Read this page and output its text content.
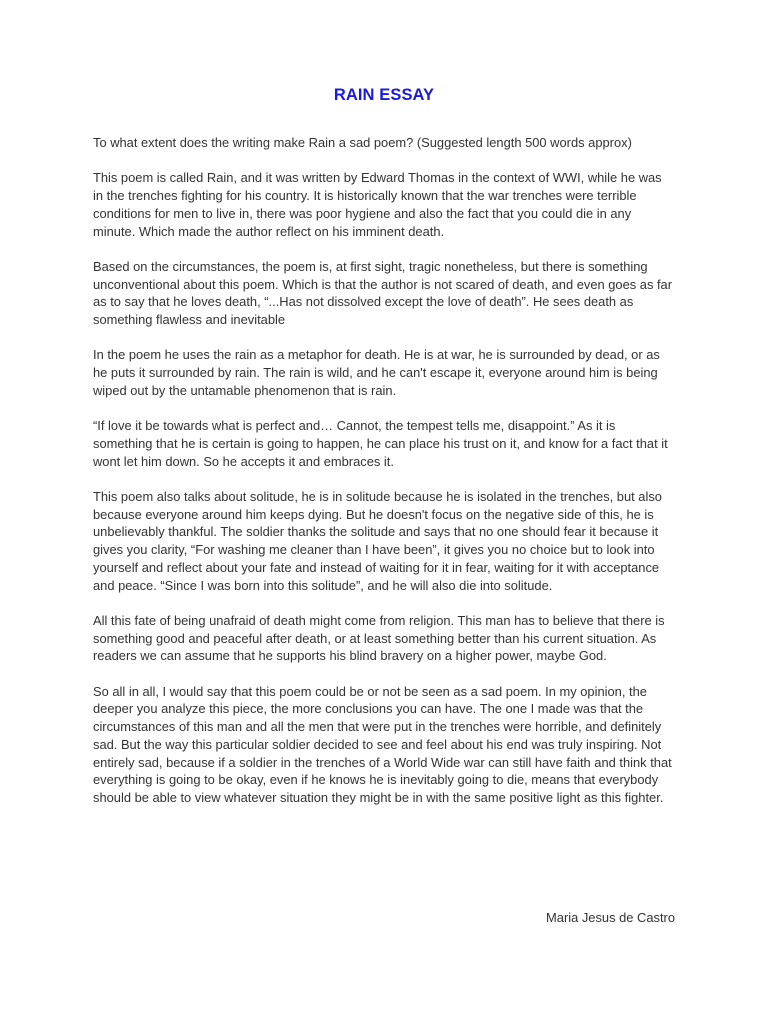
RAIN ESSAY

To what extent does the writing make Rain a sad poem? (Suggested length 500 words approx)

This poem is called Rain, and it was written by Edward Thomas in the context of WWI, while he was in the trenches fighting for his country. It is historically known that the war trenches were terrible conditions for men to live in, there was poor hygiene and also the fact that you could die in any minute. Which made the author reflect on his imminent death.

Based on the circumstances, the poem is, at first sight, tragic nonetheless, but there is something unconventional about this poem. Which is that the author is not scared of death, and even goes as far as to say that he loves death, “...Has not dissolved except the love of death”. He sees death as something flawless and inevitable

In the poem he uses the rain as a metaphor for death. He is at war, he is surrounded by dead, or as he puts it surrounded by rain. The rain is wild, and he can't escape it, everyone around him is being wiped out by the untamable phenomenon that is rain.

“If love it be towards what is perfect and… Cannot, the tempest tells me, disappoint.” As it is something that he is certain is going to happen, he can place his trust on it, and know for a fact that it wont let him down. So he accepts it and embraces it.

This poem also talks about solitude, he is in solitude because he is isolated in the trenches, but also because everyone around him keeps dying. But he doesn't focus on the negative side of this, he is unbelievably thankful. The soldier thanks the solitude and says that no one should fear it because it gives you clarity, “For washing me cleaner than I have been”, it gives you no choice but to look into yourself and reflect about your fate and instead of waiting for it in fear, waiting for it with acceptance and peace. “Since I was born into this solitude”, and he will also die into solitude.

All this fate of being unafraid of death might come from religion. This man has to believe that there is something good and peaceful after death, or at least something better than his current situation. As readers we can assume that he supports his blind bravery on a higher power, maybe God.

So all in all, I would say that this poem could be or not be seen as a sad poem. In my opinion, the deeper you analyze this piece, the more conclusions you can have. The one I made was that the circumstances of this man and all the men that were put in the trenches were horrible, and definitely sad. But the way this particular soldier decided to see and feel about his end was truly inspiring. Not entirely sad, because if a soldier in the trenches of a World Wide war can still have faith and think that everything is going to be okay, even if he knows he is inevitably going to die, means that everybody should be able to view whatever situation they might be in with the same positive light as this fighter.

Maria Jesus de Castro
